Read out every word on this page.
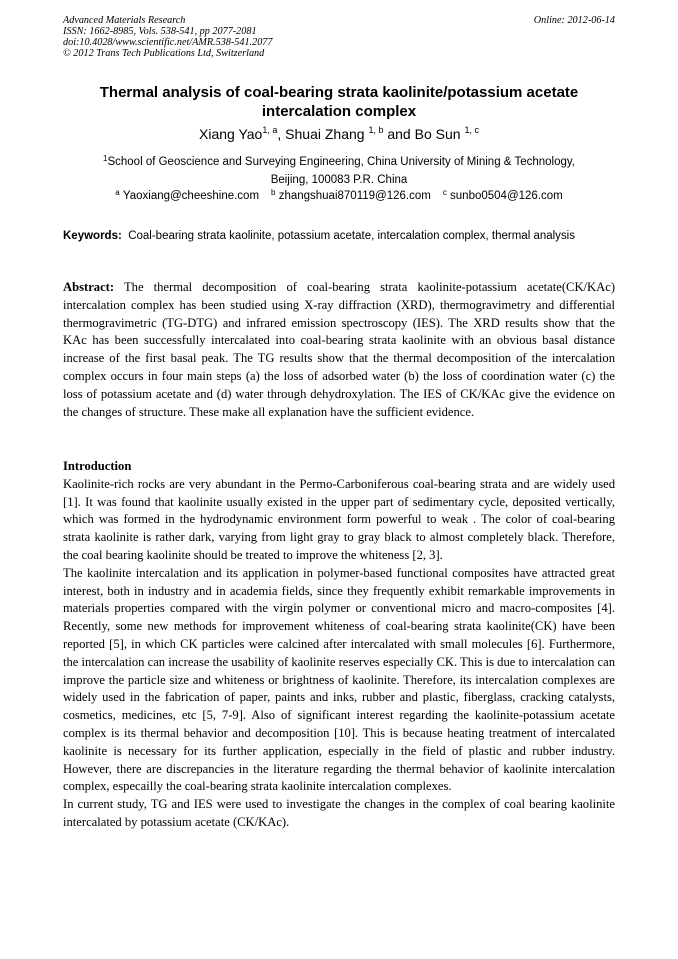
Advanced Materials Research
ISSN: 1662-8985, Vols. 538-541, pp 2077-2081
doi:10.4028/www.scientific.net/AMR.538-541.2077
© 2012 Trans Tech Publications Ltd, Switzerland
Online: 2012-06-14
Thermal analysis of coal-bearing strata kaolinite/potassium acetate intercalation complex
Xiang Yao$^{1, a}$, Shuai Zhang $^{1, b}$ and Bo Sun $^{1, c}$
$^1$School of Geoscience and Surveying Engineering, China University of Mining & Technology,
Beijing, 100083 P.R. China
$^a$ Yaoxiang@cheeshine.com $^b$ zhangshuai870119@126.com $^c$ sunbo0504@126.com
Keywords: Coal-bearing strata kaolinite, potassium acetate, intercalation complex, thermal analysis
Abstract: The thermal decomposition of coal-bearing strata kaolinite-potassium acetate(CK/KAc) intercalation complex has been studied using X-ray diffraction (XRD), thermogravimetry and differential thermogravimetric (TG-DTG) and infrared emission spectroscopy (IES). The XRD results show that the KAc has been successfully intercalated into coal-bearing strata kaolinite with an obvious basal distance increase of the first basal peak. The TG results show that the thermal decomposition of the intercalation complex occurs in four main steps (a) the loss of adsorbed water (b) the loss of coordination water (c) the loss of potassium acetate and (d) water through dehydroxylation. The IES of CK/KAc give the evidence on the changes of structure. These make all explanation have the sufficient evidence.
Introduction

Kaolinite-rich rocks are very abundant in the Permo-Carboniferous coal-bearing strata and are widely used [1]. It was found that kaolinite usually existed in the upper part of sedimentary cycle, deposited vertically, which was formed in the hydrodynamic environment form powerful to weak . The color of coal-bearing strata kaolinite is rather dark, varying from light gray to gray black to almost completely black. Therefore, the coal bearing kaolinite should be treated to improve the whiteness [2, 3].

The kaolinite intercalation and its application in polymer-based functional composites have attracted great interest, both in industry and in academia fields, since they frequently exhibit remarkable improvements in materials properties compared with the virgin polymer or conventional micro and macro-composites [4]. Recently, some new methods for improvement whiteness of coal-bearing strata kaolinite(CK) have been reported [5], in which CK particles were calcined after intercalated with small molecules [6]. Furthermore, the intercalation can increase the usability of kaolinite reserves especially CK. This is due to intercalation can improve the particle size and whiteness or brightness of kaolinite. Therefore, its intercalation complexes are widely used in the fabrication of paper, paints and inks, rubber and plastic, fiberglass, cracking catalysts, cosmetics, medicines, etc [5, 7-9]. Also of significant interest regarding the kaolinite-potassium acetate complex is its thermal behavior and decomposition [10]. This is because heating treatment of intercalated kaolinite is necessary for its further application, especially in the field of plastic and rubber industry. However, there are discrepancies in the literature regarding the thermal behavior of kaolinite intercalation complex, especailly the coal-bearing strata kaolinite intercalation complexes.

In current study, TG and IES were used to investigate the changes in the complex of coal bearing kaolinite intercalated by potassium acetate (CK/KAc).
